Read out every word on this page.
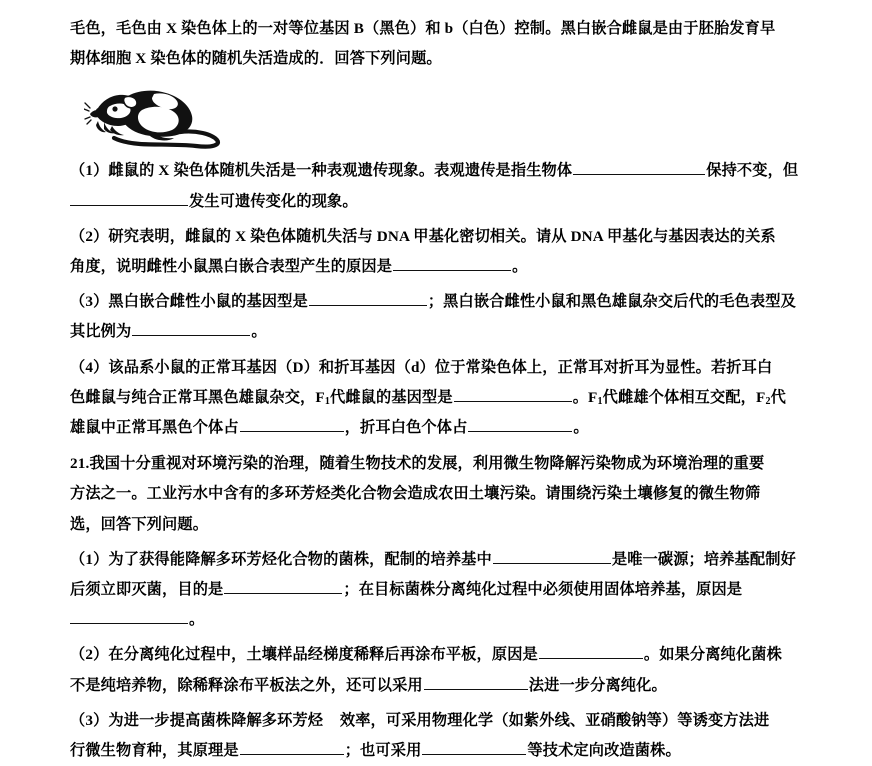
毛色，毛色由 X 染色体上的一对等位基因 B（黑色）和 b（白色）控制。黑白嵌合雌鼠是由于胚胎发育早

期体细胞 X 染色体的随机失活造成的．回答下列问题。

（1）雌鼠的 X 染色体随机失活是一种表观遗传现象。表观遗传是指生物体	保持不变，但

发生可遗传变化的现象。

（2）研究表明，雌鼠的 X 染色体随机失活与 DNA 甲基化密切相关。请从 DNA 甲基化与基因表达的关系

角度，说明雌性小鼠黑白嵌合表型产生的原因是	。

（3）黑白嵌合雌性小鼠的基因型是	；黑白嵌合雌性小鼠和黑色雄鼠杂交后代的毛色表型及

其比例为	。

（4）该品系小鼠的正常耳基因（D）和折耳基因（d）位于常染色体上，正常耳对折耳为显性。若折耳白

色雌鼠与纯合正常耳黑色雄鼠杂交，$F_1$代雌鼠的基因型是	。$F_1$代雌雄个体相互交配，$F_2$代

雄鼠中正常耳黑色个体占	，折耳白色个体占	。

21.我国十分重视对环境污染的治理，随着生物技术的发展，利用微生物降解污染物成为环境治理的重要

方法之一。工业污水中含有的多环芳烃类化合物会造成农田土壤污染。请围绕污染土壤修复的微生物筛

选，回答下列问题。

（1）为了获得能降解多环芳烃化合物的菌株，配制的培养基中	是唯一碳源；培养基配制好

后须立即灭菌，目的是	；在目标菌株分离纯化过程中必须使用固体培养基，原因是

。

（2）在分离纯化过程中，土壤样品经梯度稀释后再涂布平板，原因是	。如果分离纯化菌株

不是纯培养物，除稀释涂布平板法之外，还可以采用	法进一步分离纯化。

（3）为进一步提高菌株降解多环芳烃 效率，可采用物理化学（如紫外线、亚硝酸钠等）等诱变方法进

行微生物育种，其原理是	；也可采用	等技术定向改造菌株。
